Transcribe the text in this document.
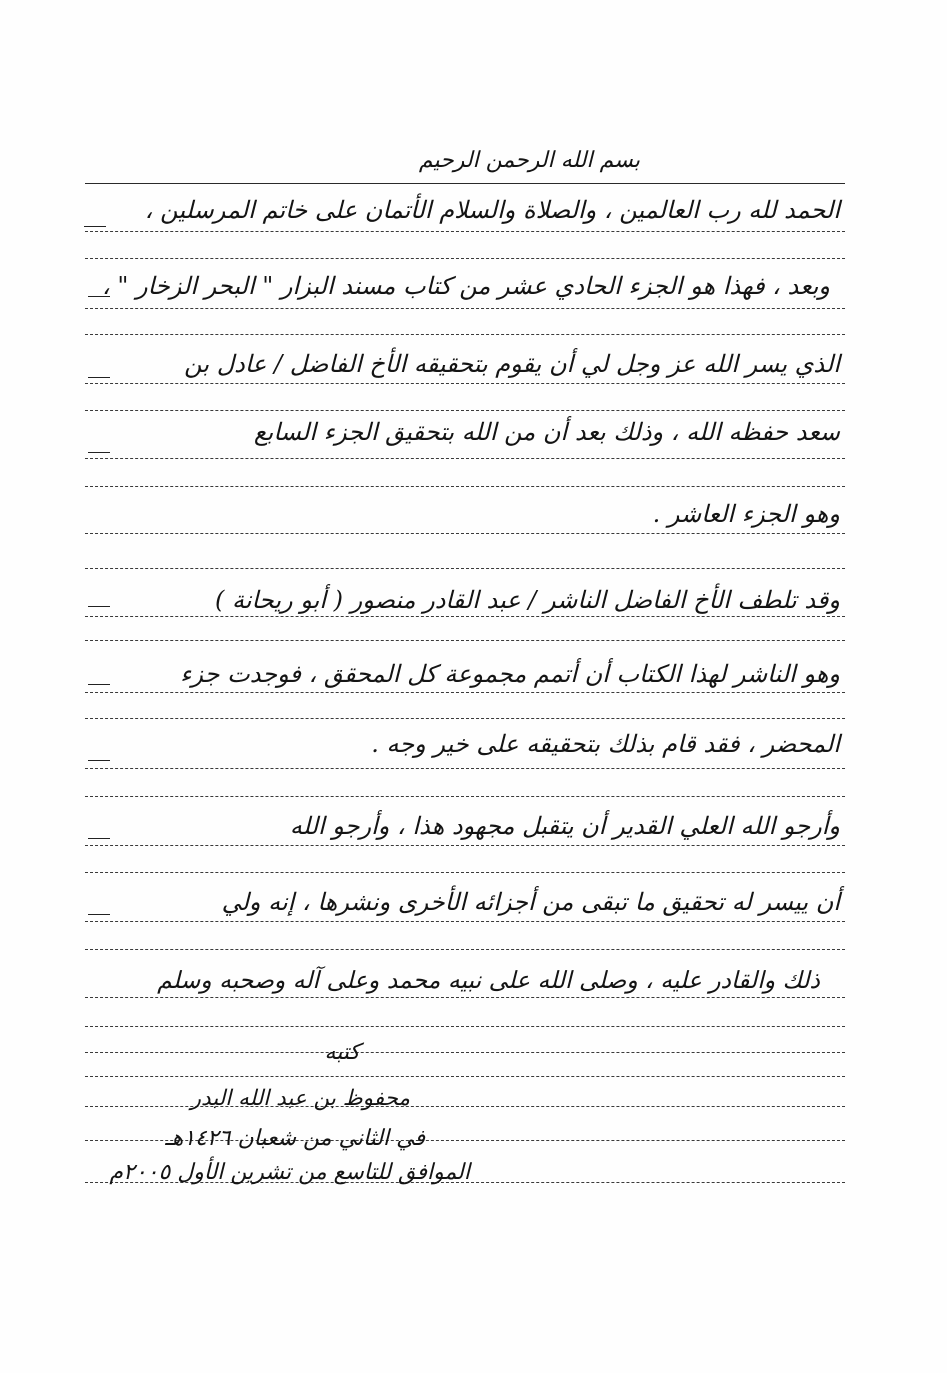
بسم الله الرحمن الرحيم
الحمد لله رب العالمين ، والصلاة والسلام الأتمان على خاتم المرسلين ،
وبعد ، فهذا هو الجزء الحادي عشر من كتاب مسند البزار " البحر الزخار " ،
الذي يسر الله عز وجل لي أن يقوم بتحقيقه الأخ الفاضل / عادل بن
سعد حفظه الله ، وذلك بعد أن من الله بتحقيق الجزء السابع
وهو الجزء العاشر .
وقد تلطف الأخ الفاضل الناشر / عبد القادر منصور ( أبو ريحانة )
وهو الناشر لهذا الكتاب أن أتمم مجموعة كل المحقق ، فوجدت جزء
المحضر ، فقد قام بذلك بتحقيقه على خير وجه .
وأرجو الله العلي القدير أن يتقبل مجهود هذا ، وأرجو الله
أن ييسر له تحقيق ما تبقى من أجزائه الأخرى ونشرها ، إنه ولي
ذلك والقادر عليه ، وصلى الله على نبيه محمد وعلى آله وصحبه وسلم
كتبه
محفوظ بن عبد الله البدر
في الثاني من شعبان ١٤٢٦هـ
الموافق للتاسع من تشرين الأول ٢٠٠٥م
